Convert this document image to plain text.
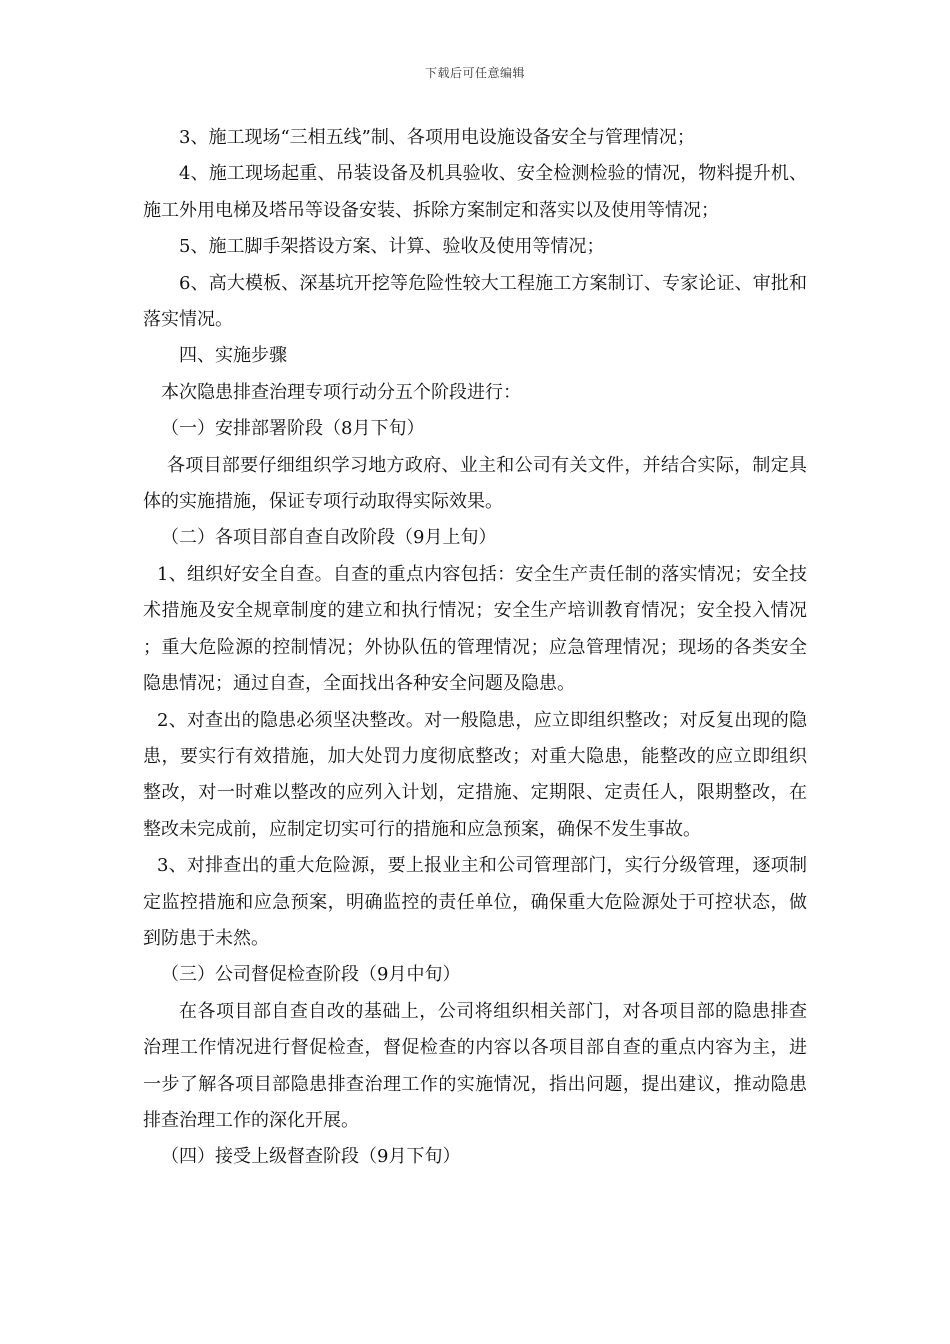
下载后可任意编辑

3、施工现场“三相五线”制、各项用电设施设备安全与管理情况；

4、施工现场起重、吊装设备及机具验收、安全检测检验的情况，物料提升机、施工外用电梯及塔吊等设备安装、拆除方案制定和落实以及使用等情况；

5、施工脚手架搭设方案、计算、验收及使用等情况；

6、高大模板、深基坑开挖等危险性较大工程施工方案制订、专家论证、审批和落实情况。

四、实施步骤

本次隐患排查治理专项行动分五个阶段进行：

（一）安排部署阶段（8月下旬）

各项目部要仔细组织学习地方政府、业主和公司有关文件，并结合实际，制定具体的实施措施，保证专项行动取得实际效果。

（二）各项目部自查自改阶段（9月上旬）

1、组织好安全自查。自查的重点内容包括：安全生产责任制的落实情况；安全技术措施及安全规章制度的建立和执行情况；安全生产培训教育情况；安全投入情况；重大危险源的控制情况；外协队伍的管理情况；应急管理情况；现场的各类安全隐患情况；通过自查，全面找出各种安全问题及隐患。

2、对查出的隐患必须坚决整改。对一般隐患，应立即组织整改；对反复出现的隐患，要实行有效措施，加大处罚力度彻底整改；对重大隐患，能整改的应立即组织整改，对一时难以整改的应列入计划，定措施、定期限、定责任人，限期整改，在整改未完成前，应制定切实可行的措施和应急预案，确保不发生事故。

3、对排查出的重大危险源，要上报业主和公司管理部门，实行分级管理，逐项制定监控措施和应急预案，明确监控的责任单位，确保重大危险源处于可控状态，做到防患于未然。

（三）公司督促检查阶段（9月中旬）

在各项目部自查自改的基础上，公司将组织相关部门，对各项目部的隐患排查治理工作情况进行督促检查，督促检查的内容以各项目部自查的重点内容为主，进一步了解各项目部隐患排查治理工作的实施情况，指出问题，提出建议，推动隐患排查治理工作的深化开展。

（四）接受上级督查阶段（9月下旬）
